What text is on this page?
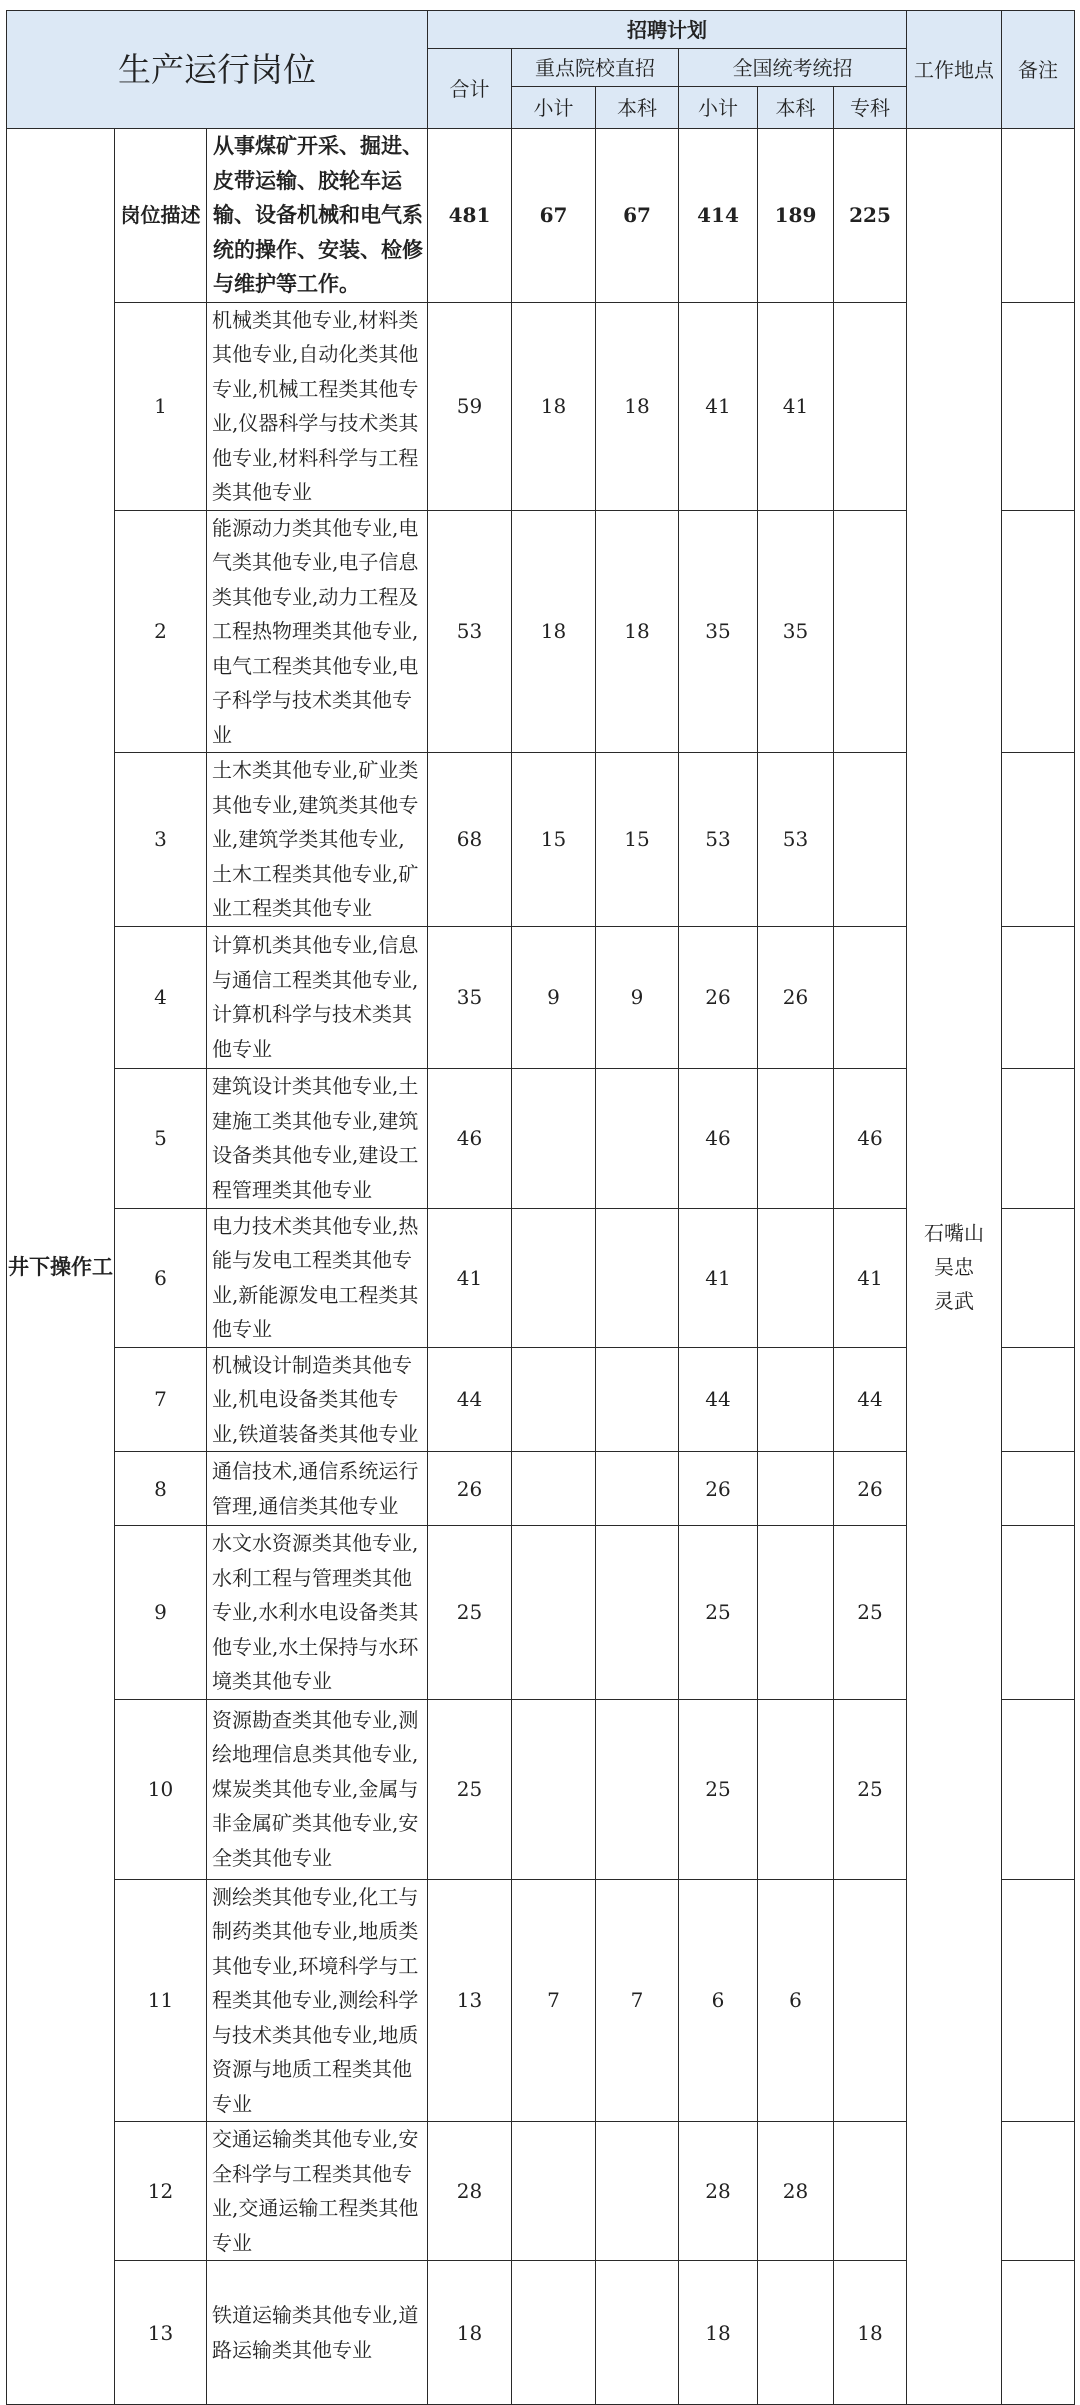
生产运行岗位			招聘计划						工作地点	备注
			合计	重点院校直招		全国统考统招				
				小计	本科	小计	本科	专科		
井下操作工	岗位描述	从事煤矿开采、掘进、皮带运输、胶轮车运输、设备机械和电气系统的操作、安装、检修与维护等工作。	481	67	67	414	189	225	石嘴山
吴忠
灵武	

	1	机械类其他专业,材料类其他专业,自动化类其他专业,机械工程类其他专业,仪器科学与技术类其他专业,材料科学与工程类其他专业	59	18	18	41	41			
	2	能源动力类其他专业,电气类其他专业,电子信息类其他专业,动力工程及工程热物理类其他专业,电气工程类其他专业,电子科学与技术类其他专业	53	18	18	35	35			
	3	土木类其他专业,矿业类其他专业,建筑类其他专业,建筑学类其他专业,土木工程类其他专业,矿业工程类其他专业	68	15	15	53	53			
	4	计算机类其他专业,信息与通信工程类其他专业,计算机科学与技术类其他专业	35	9	9	26	26			
	5	建筑设计类其他专业,土建施工类其他专业,建筑设备类其他专业,建设工程管理类其他专业	46			46		46		
	6	电力技术类其他专业,热能与发电工程类其他专业,新能源发电工程类其他专业	41			41		41		
	7	机械设计制造类其他专业,机电设备类其他专业,铁道装备类其他专业	44			44		44		
	8	通信技术,通信系统运行管理,通信类其他专业	26			26		26		
	9	水文水资源类其他专业,水利工程与管理类其他专业,水利水电设备类其他专业,水土保持与水环境类其他专业	25			25		25		
	10	资源勘查类其他专业,测绘地理信息类其他专业,煤炭类其他专业,金属与非金属矿类其他专业,安全类其他专业	25			25		25		
	11	测绘类其他专业,化工与制药类其他专业,地质类其他专业,环境科学与工程类其他专业,测绘科学与技术类其他专业,地质资源与地质工程类其他专业	13	7	7	6	6			
	12	交通运输类其他专业,安全科学与工程类其他专业,交通运输工程类其他专业	28			28	28			
	13	铁道运输类其他专业,道路运输类其他专业	18			18		18		
